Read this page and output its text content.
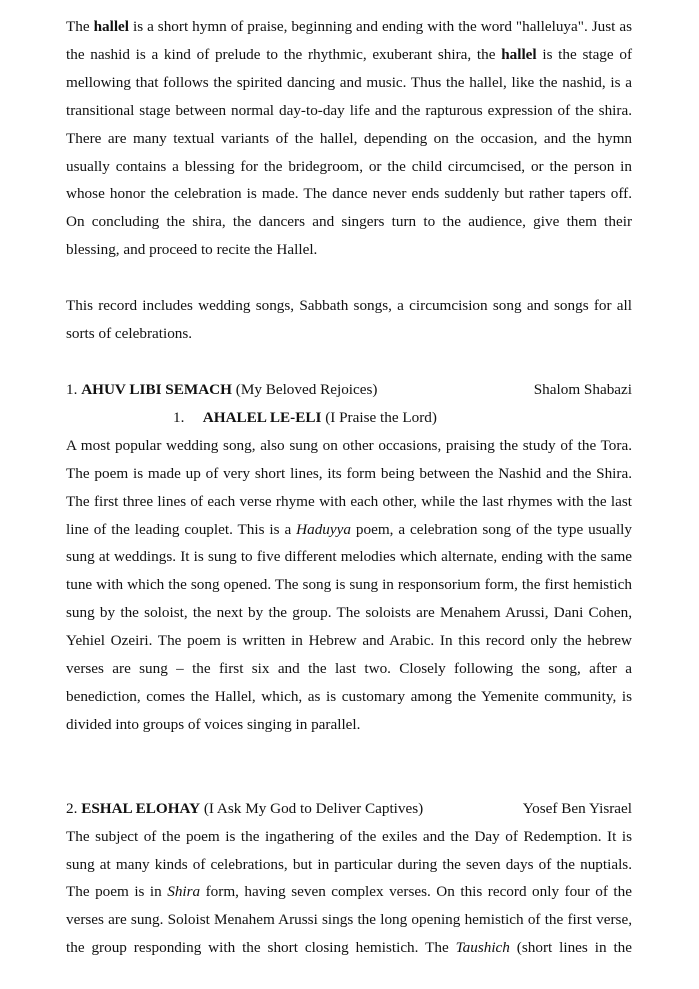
The hallel is a short hymn of praise, beginning and ending with the word "halleluya". Just as the nashid is a kind of prelude to the rhythmic, exuberant shira, the hallel is the stage of mellowing that follows the spirited dancing and music. Thus the hallel, like the nashid, is a transitional stage between normal day-to-day life and the rapturous expression of the shira. There are many textual variants of the hallel, depending on the occasion, and the hymn usually contains a blessing for the bridegroom, or the child circumcised, or the person in whose honor the celebration is made. The dance never ends suddenly but rather tapers off. On concluding the shira, the dancers and singers turn to the audience, give them their blessing, and proceed to recite the Hallel.

This record includes wedding songs, Sabbath songs, a circumcision song and songs for all sorts of celebrations.

1. AHUV LIBI SEMACH (My Beloved Rejoices)	Shalom Shabazi
1. AHALEL LE-ELI (I Praise the Lord)

A most popular wedding song, also sung on other occasions, praising the study of the Tora. The poem is made up of very short lines, its form being between the Nashid and the Shira. The first three lines of each verse rhyme with each other, while the last rhymes with the last line of the leading couplet. This is a Haduyya poem, a celebration song of the type usually sung at weddings. It is sung to five different melodies which alternate, ending with the same tune with which the song opened. The song is sung in responsorium form, the first hemistich sung by the soloist, the next by the group. The soloists are Menahem Arussi, Dani Cohen, Yehiel Ozeiri. The poem is written in Hebrew and Arabic. In this record only the hebrew verses are sung – the first six and the last two. Closely following the song, after a benediction, comes the Hallel, which, as is customary among the Yemenite community, is divided into groups of voices singing in parallel.

2. ESHAL ELOHAY (I Ask My God to Deliver Captives)	Yosef Ben Yisrael

The subject of the poem is the ingathering of the exiles and the Day of Redemption. It is sung at many kinds of celebrations, but in particular during the seven days of the nuptials. The poem is in Shira form, having seven complex verses. On this record only four of the verses are sung. Soloist Menahem Arussi sings the long opening hemistich of the first verse, the group responding with the short closing hemistich. The Taushich (short lines in the
